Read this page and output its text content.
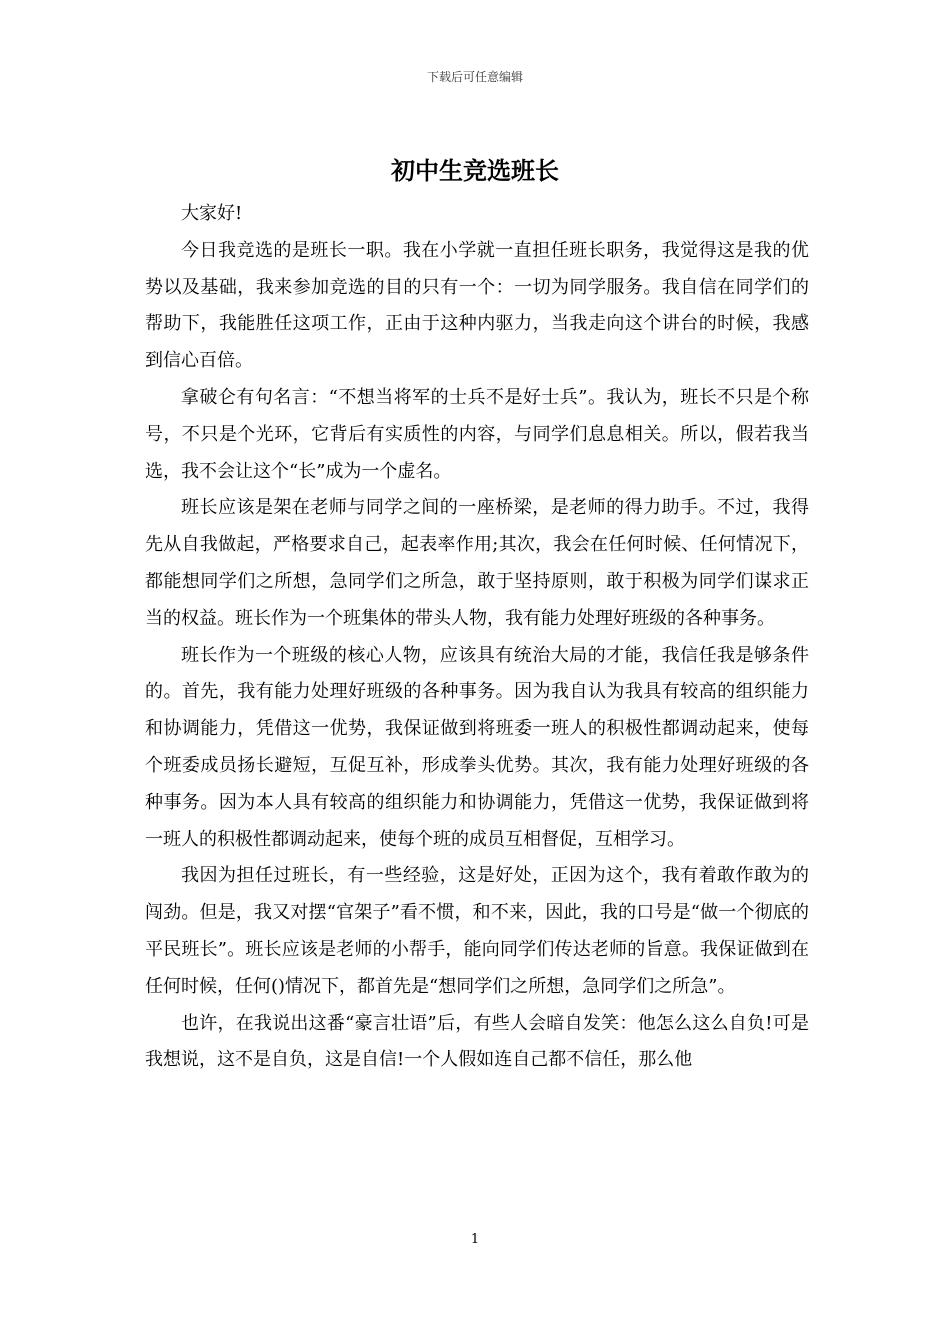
下载后可任意编辑
初中生竞选班长

大家好!

今日我竞选的是班长一职。我在小学就一直担任班长职务，我觉得这是我的优势以及基础，我来参加竞选的目的只有一个：一切为同学服务。我自信在同学们的帮助下，我能胜任这项工作，正由于这种内驱力，当我走向这个讲台的时候，我感到信心百倍。

拿破仑有句名言：“不想当将军的士兵不是好士兵”。我认为，班长不只是个称号，不只是个光环，它背后有实质性的内容，与同学们息息相关。所以，假若我当选，我不会让这个“长”成为一个虚名。

班长应该是架在老师与同学之间的一座桥梁，是老师的得力助手。不过，我得先从自我做起，严格要求自己，起表率作用;其次，我会在任何时候、任何情况下，都能想同学们之所想，急同学们之所急，敢于坚持原则，敢于积极为同学们谋求正当的权益。班长作为一个班集体的带头人物，我有能力处理好班级的各种事务。

班长作为一个班级的核心人物，应该具有统治大局的才能，我信任我是够条件的。首先，我有能力处理好班级的各种事务。因为我自认为我具有较高的组织能力和协调能力，凭借这一优势，我保证做到将班委一班人的积极性都调动起来，使每个班委成员扬长避短，互促互补，形成拳头优势。其次，我有能力处理好班级的各种事务。因为本人具有较高的组织能力和协调能力，凭借这一优势，我保证做到将一班人的积极性都调动起来，使每个班的成员互相督促，互相学习。

我因为担任过班长，有一些经验，这是好处，正因为这个，我有着敢作敢为的闯劲。但是，我又对摆“官架子”看不惯，和不来，因此，我的口号是“做一个彻底的平民班长”。班长应该是老师的小帮手，能向同学们传达老师的旨意。我保证做到在任何时候，任何()情况下，都首先是“想同学们之所想，急同学们之所急”。

也许，在我说出这番“豪言壮语”后，有些人会暗自发笑：他怎么这么自负!可是我想说，这不是自负，这是自信!一个人假如连自己都不信任，那么他

1
